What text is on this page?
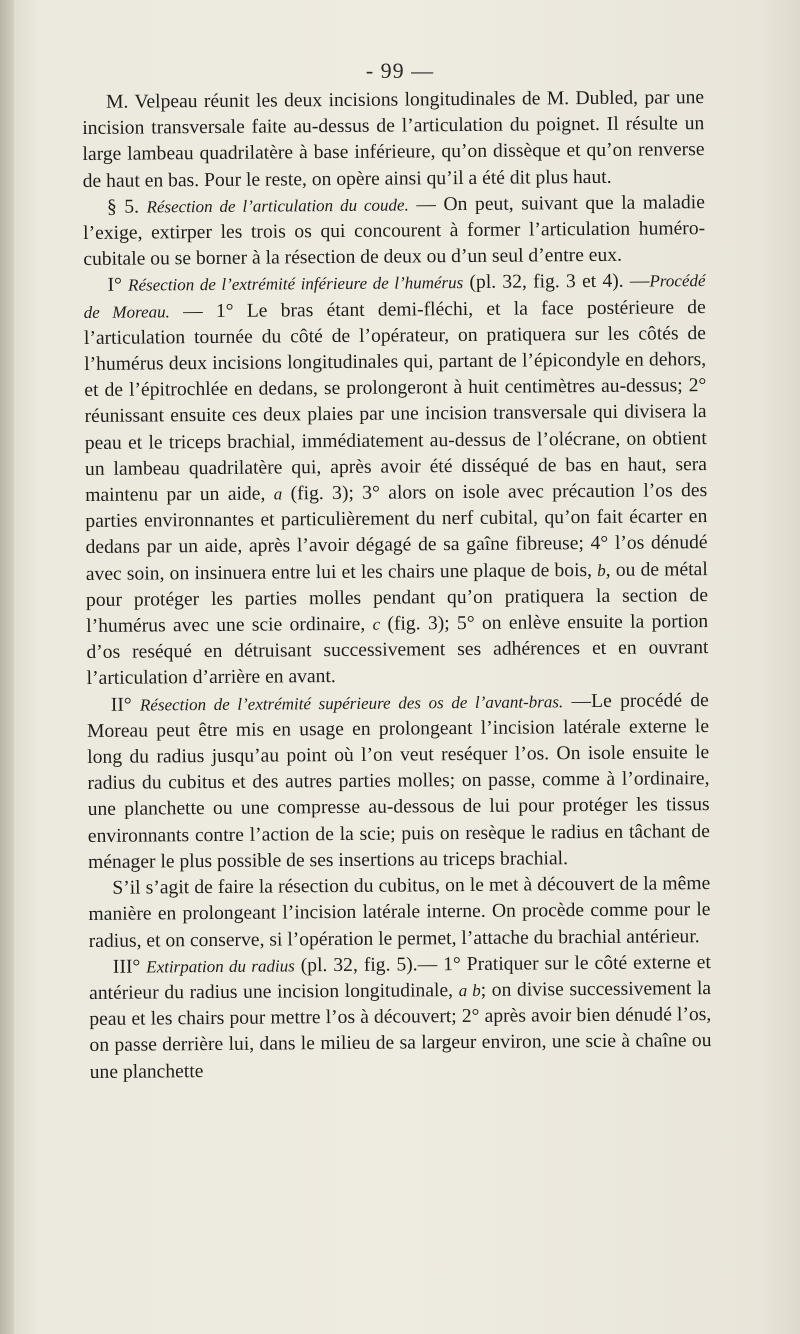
- 99 —

M. Velpeau réunit les deux incisions longitudinales de M. Dubled, par une incision transversale faite au-dessus de l’articulation du poignet. Il résulte un large lambeau quadrilatère à base inférieure, qu’on dissèque et qu’on renverse de haut en bas. Pour le reste, on opère ainsi qu’il a été dit plus haut.

§ 5. Résection de l’articulation du coude. — On peut, suivant que la maladie l’exige, extirper les trois os qui concourent à former l’articulation huméro-cubitale ou se borner à la résection de deux ou d’un seul d’entre eux.

I° Résection de l’extrémité inférieure de l’humérus (pl. 32, fig. 3 et 4). —Procédé de Moreau. — 1° Le bras étant demi-fléchi, et la face postérieure de l’articulation tournée du côté de l’opérateur, on pratiquera sur les côtés de l’humérus deux incisions longitudinales qui, partant de l’épicondyle en dehors, et de l’épitrochlée en dedans, se prolongeront à huit centimètres au-dessus; 2° réunissant ensuite ces deux plaies par une incision transversale qui divisera la peau et le triceps brachial, immédiatement au-dessus de l’olécrane, on obtient un lambeau quadrilatère qui, après avoir été disséqué de bas en haut, sera maintenu par un aide, a (fig. 3); 3° alors on isole avec précaution l’os des parties environnantes et particulièrement du nerf cubital, qu’on fait écarter en dedans par un aide, après l’avoir dégagé de sa gaîne fibreuse; 4° l’os dénudé avec soin, on insinuera entre lui et les chairs une plaque de bois, b, ou de métal pour protéger les parties molles pendant qu’on pratiquera la section de l’humérus avec une scie ordinaire, c (fig. 3); 5° on enlève ensuite la portion d’os reséqué en détruisant successivement ses adhérences et en ouvrant l’articulation d’arrière en avant.

II° Résection de l’extrémité supérieure des os de l’avant-bras. —Le procédé de Moreau peut être mis en usage en prolongeant l’incision latérale externe le long du radius jusqu’au point où l’on veut reséquer l’os. On isole ensuite le radius du cubitus et des autres parties molles; on passe, comme à l’ordinaire, une planchette ou une compresse au-dessous de lui pour protéger les tissus environnants contre l’action de la scie; puis on resèque le radius en tâchant de ménager le plus possible de ses insertions au triceps brachial.

S’il s’agit de faire la résection du cubitus, on le met à découvert de la même manière en prolongeant l’incision latérale interne. On procède comme pour le radius, et on conserve, si l’opération le permet, l’attache du brachial antérieur.

III° Extirpation du radius (pl. 32, fig. 5).— 1° Pratiquer sur le côté externe et antérieur du radius une incision longitudinale, a b; on divise successivement la peau et les chairs pour mettre l’os à découvert; 2° après avoir bien dénudé l’os, on passe derrière lui, dans le milieu de sa largeur environ, une scie à chaîne ou une planchette
